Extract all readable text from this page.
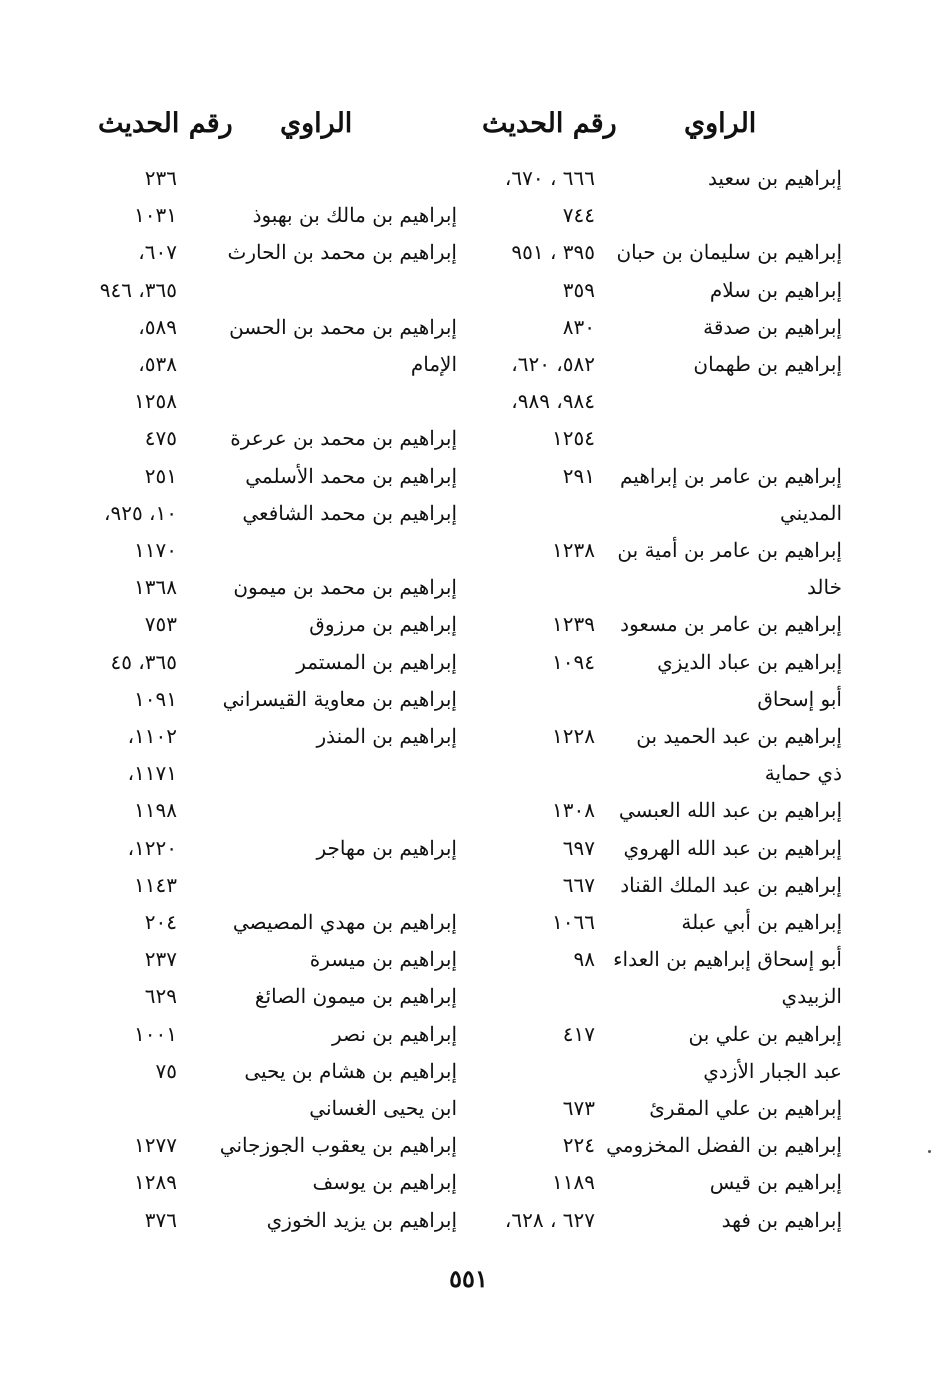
الراوي
رقم الحديث
الراوي
رقم الحديث
إبراهيم بن سعيد
٦٦٦ ، ٦٧٠،
٢٣٦
٧٤٤
إبراهيم بن مالك بن بهبوذ
١٠٣١
إبراهيم بن سليمان بن حبان
٣٩٥ ، ٩٥١
إبراهيم بن محمد بن الحارث
٦٠٧،
إبراهيم بن سلام
٣٥٩
٣٦٥، ٩٤٦
إبراهيم بن صدقة
٨٣٠
إبراهيم بن محمد بن الحسن
٥٨٩،
إبراهيم بن طهمان
٥٨٢، ٦٢٠،
الإمام
٥٣٨،
٩٨٤، ٩٨٩،
١٢٥٨
١٢٥٤
إبراهيم بن محمد بن عرعرة
٤٧٥
إبراهيم بن عامر بن إبراهيم
٢٩١
إبراهيم بن محمد الأسلمي
٢٥١
المديني
إبراهيم بن محمد الشافعي
١٠، ٩٢٥،
إبراهيم بن عامر بن أمية بن
١٢٣٨
١١٧٠
خالد
إبراهيم بن محمد بن ميمون
١٣٦٨
إبراهيم بن عامر بن مسعود
١٢٣٩
إبراهيم بن مرزوق
٧٥٣
إبراهيم بن عباد الديزي
١٠٩٤
إبراهيم بن المستمر
٣٦٥، ٤٥
أبو إسحاق
إبراهيم بن معاوية القيسراني
١٠٩١
إبراهيم بن عبد الحميد بن
١٢٢٨
إبراهيم بن المنذر
١١٠٢،
ذي حماية
١١٧١،
إبراهيم بن عبد الله العبسي
١٣٠٨
١١٩٨
إبراهيم بن عبد الله الهروي
٦٩٧
إبراهيم بن مهاجر
١٢٢٠،
إبراهيم بن عبد الملك القناد
٦٦٧
١١٤٣
إبراهيم بن أبي عبلة
١٠٦٦
إبراهيم بن مهدي المصيصي
٢٠٤
أبو إسحاق إبراهيم بن العداء
٩٨
إبراهيم بن ميسرة
٢٣٧
الزبيدي
إبراهيم بن ميمون الصائغ
٦٢٩
إبراهيم بن علي بن
٤١٧
إبراهيم بن نصر
١٠٠١
عبد الجبار الأزدي
إبراهيم بن هشام بن يحيى
٧٥
إبراهيم بن علي المقرئ
٦٧٣
ابن يحيى الغساني
إبراهيم بن الفضل المخزومي
٢٢٤
إبراهيم بن يعقوب الجوزجاني
١٢٧٧
إبراهيم بن قيس
١١٨٩
إبراهيم بن يوسف
١٢٨٩
إبراهيم بن فهد
٦٢٧ ، ٦٢٨،
إبراهيم بن يزيد الخوزي
٣٧٦
٥٥١
